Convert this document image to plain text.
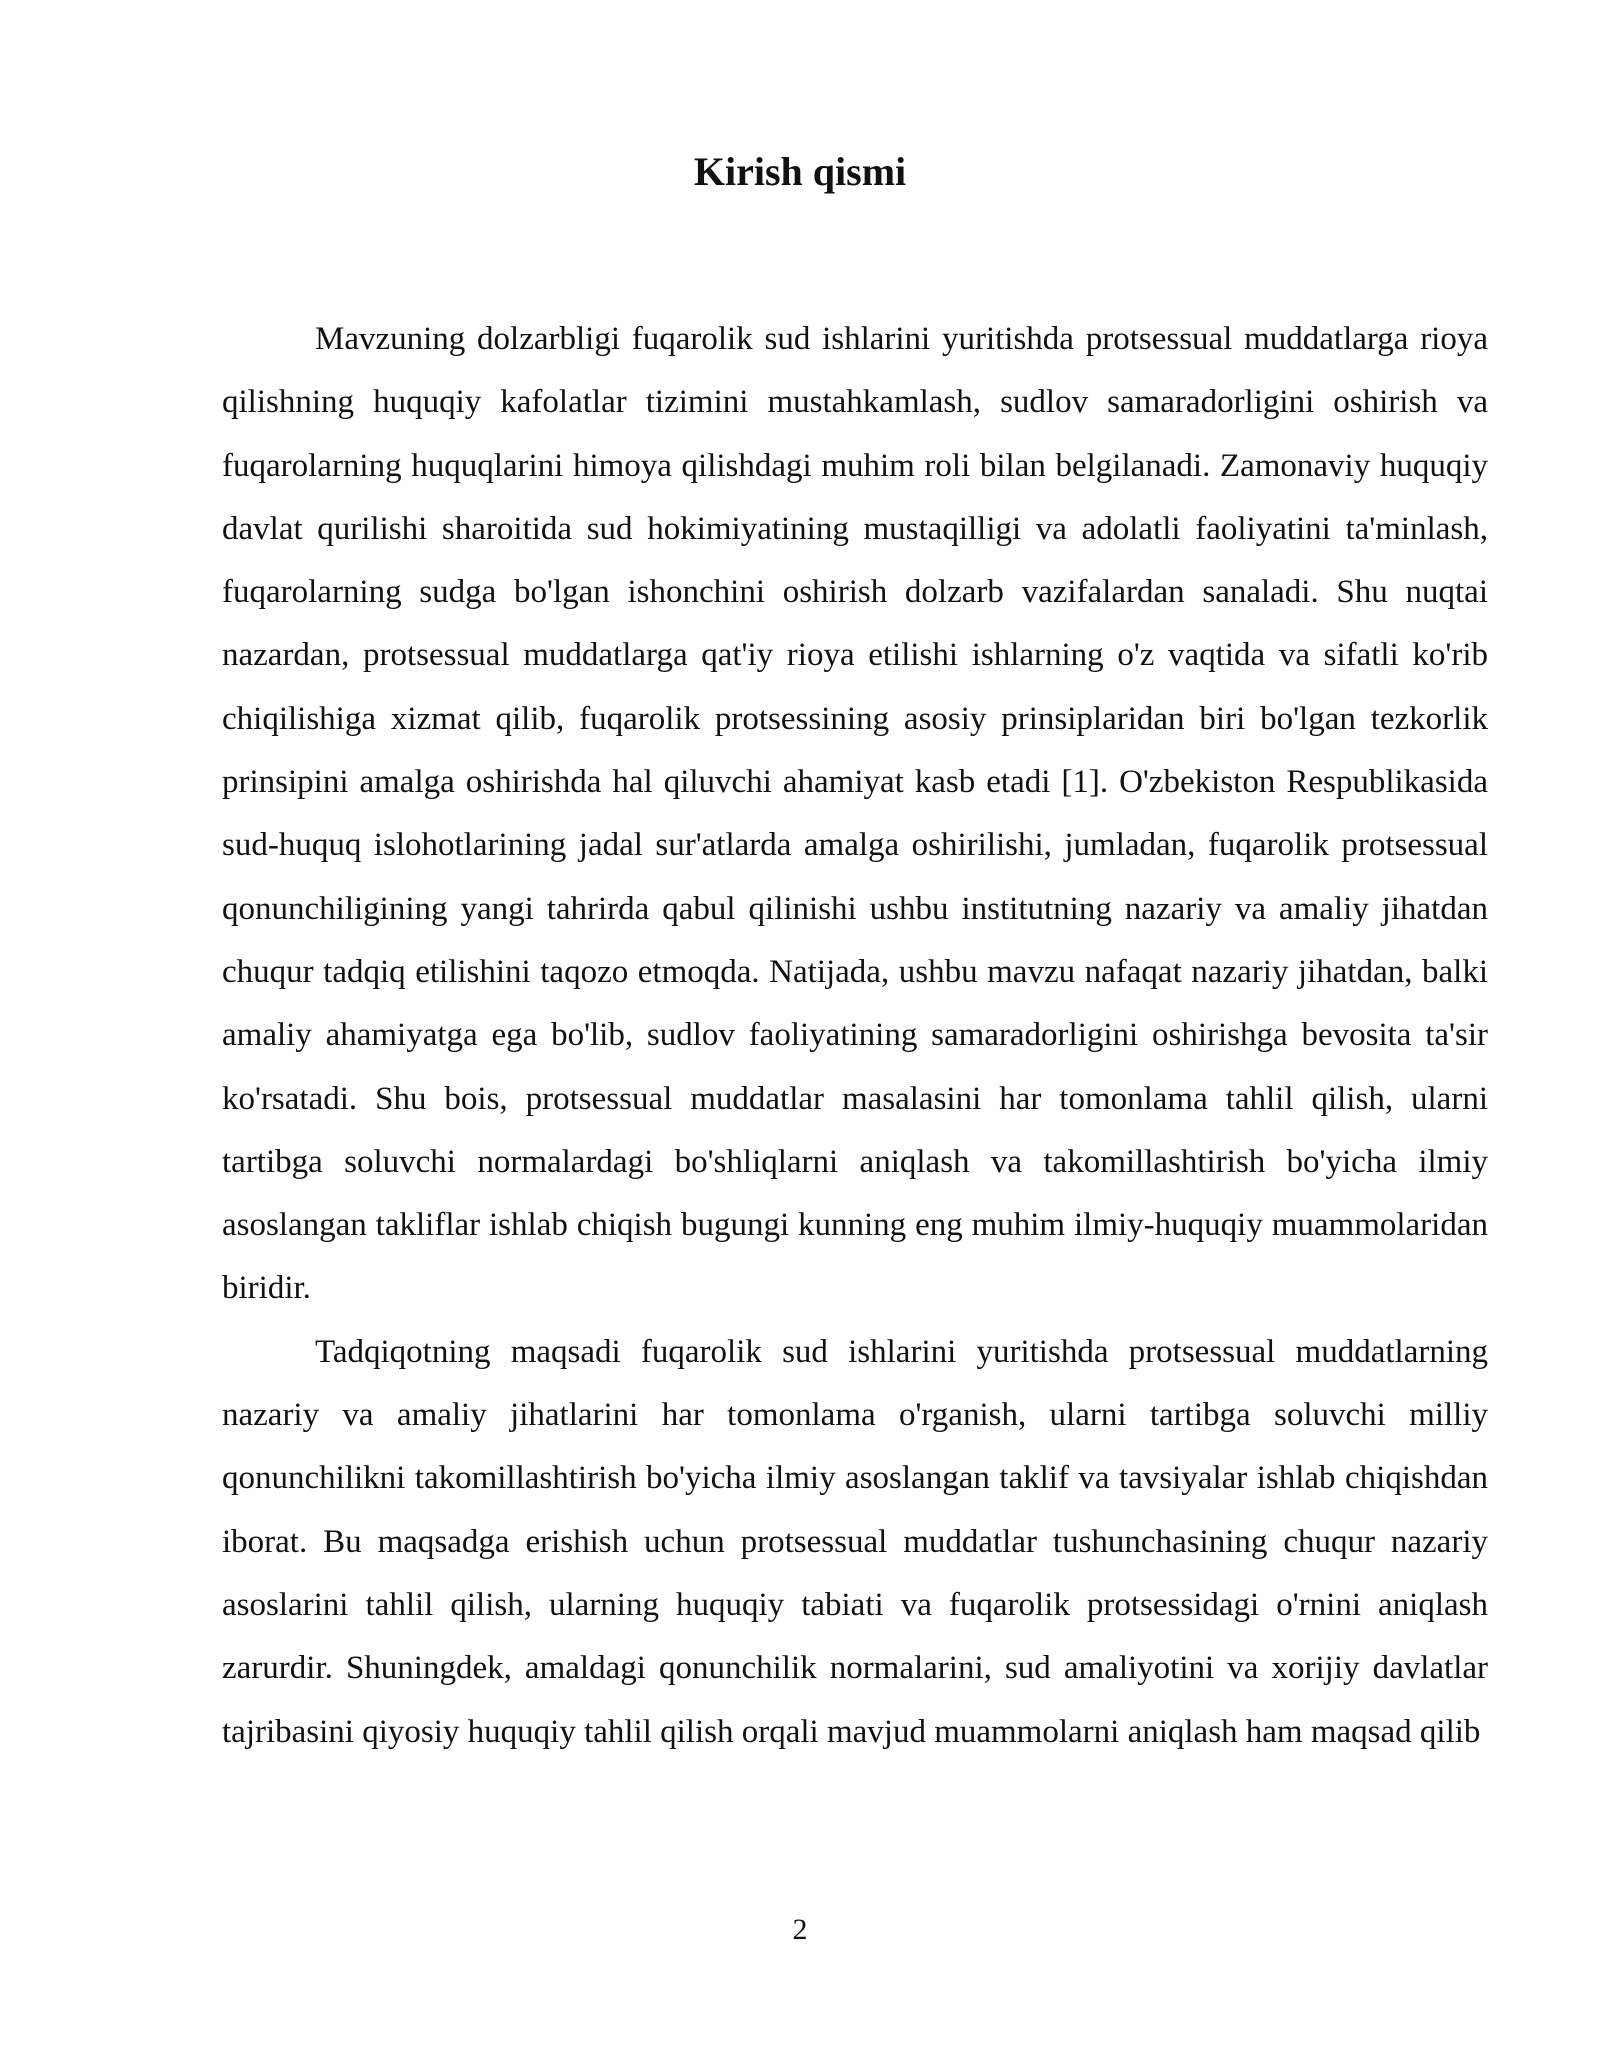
Kirish qismi

Mavzuning dolzarbligi fuqarolik sud ishlarini yuritishda protsessual muddatlarga rioya qilishning huquqiy kafolatlar tizimini mustahkamlash, sudlov samaradorligini oshirish va fuqarolarning huquqlarini himoya qilishdagi muhim roli bilan belgilanadi. Zamonaviy huquqiy davlat qurilishi sharoitida sud hokimiyatining mustaqilligi va adolatli faoliyatini ta'minlash, fuqarolarning sudga bo'lgan ishonchini oshirish dolzarb vazifalardan sanaladi. Shu nuqtai nazardan, protsessual muddatlarga qat'iy rioya etilishi ishlarning o'z vaqtida va sifatli ko'rib chiqilishiga xizmat qilib, fuqarolik protsessining asosiy prinsiplaridan biri bo'lgan tezkorlik prinsipini amalga oshirishda hal qiluvchi ahamiyat kasb etadi [1]. O'zbekiston Respublikasida sud-huquq islohotlarining jadal sur'atlarda amalga oshirilishi, jumladan, fuqarolik protsessual qonunchiligining yangi tahrirda qabul qilinishi ushbu institutning nazariy va amaliy jihatdan chuqur tadqiq etilishini taqozo etmoqda. Natijada, ushbu mavzu nafaqat nazariy jihatdan, balki amaliy ahamiyatga ega bo'lib, sudlov faoliyatining samaradorligini oshirishga bevosita ta'sir ko'rsatadi. Shu bois, protsessual muddatlar masalasini har tomonlama tahlil qilish, ularni tartibga soluvchi normalardagi bo'shliqlarni aniqlash va takomillashtirish bo'yicha ilmiy asoslangan takliflar ishlab chiqish bugungi kunning eng muhim ilmiy-huquqiy muammolaridan biridir.

Tadqiqotning maqsadi fuqarolik sud ishlarini yuritishda protsessual muddatlarning nazariy va amaliy jihatlarini har tomonlama o'rganish, ularni tartibga soluvchi milliy qonunchilikni takomillashtirish bo'yicha ilmiy asoslangan taklif va tavsiyalar ishlab chiqishdan iborat. Bu maqsadga erishish uchun protsessual muddatlar tushunchasining chuqur nazariy asoslarini tahlil qilish, ularning huquqiy tabiati va fuqarolik protsessidagi o'rnini aniqlash zarurdir. Shuningdek, amaldagi qonunchilik normalarini, sud amaliyotini va xorijiy davlatlar tajribasini qiyosiy huquqiy tahlil qilish orqali mavjud muammolarni aniqlash ham maqsad qilib

2
